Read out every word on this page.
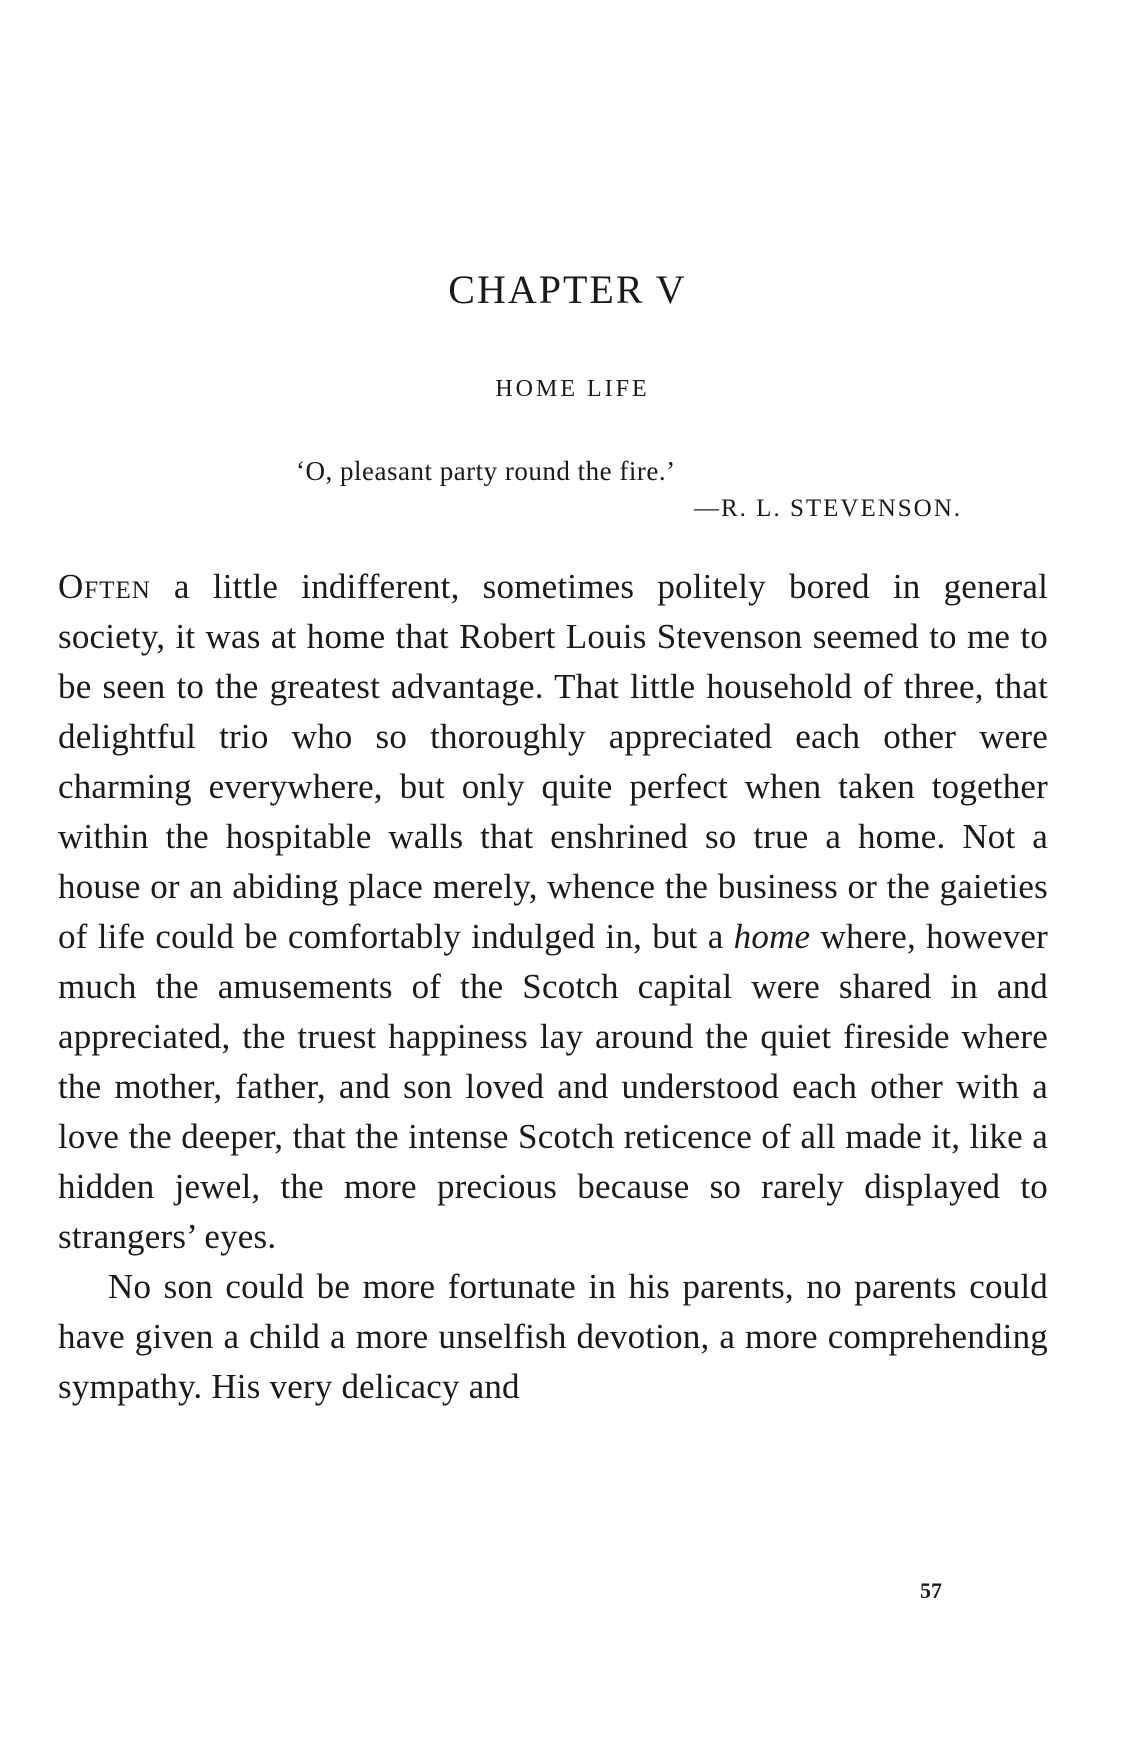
CHAPTER V
HOME LIFE
‘O, pleasant party round the fire.’
—R. L. STEVENSON.

Often a little indifferent, sometimes politely bored in general society, it was at home that Robert Louis Stevenson seemed to me to be seen to the greatest advantage. That little household of three, that delightful trio who so thoroughly appreciated each other were charming everywhere, but only quite perfect when taken together within the hospitable walls that enshrined so true a home. Not a house or an abiding place merely, whence the business or the gaieties of life could be comfortably indulged in, but a home where, however much the amusements of the Scotch capital were shared in and appreciated, the truest happiness lay around the quiet fireside where the mother, father, and son loved and understood each other with a love the deeper, that the intense Scotch reticence of all made it, like a hidden jewel, the more precious because so rarely displayed to strangers’ eyes.

No son could be more fortunate in his parents, no parents could have given a child a more unselfish devotion, a more comprehending sympathy. His very delicacy and

57
